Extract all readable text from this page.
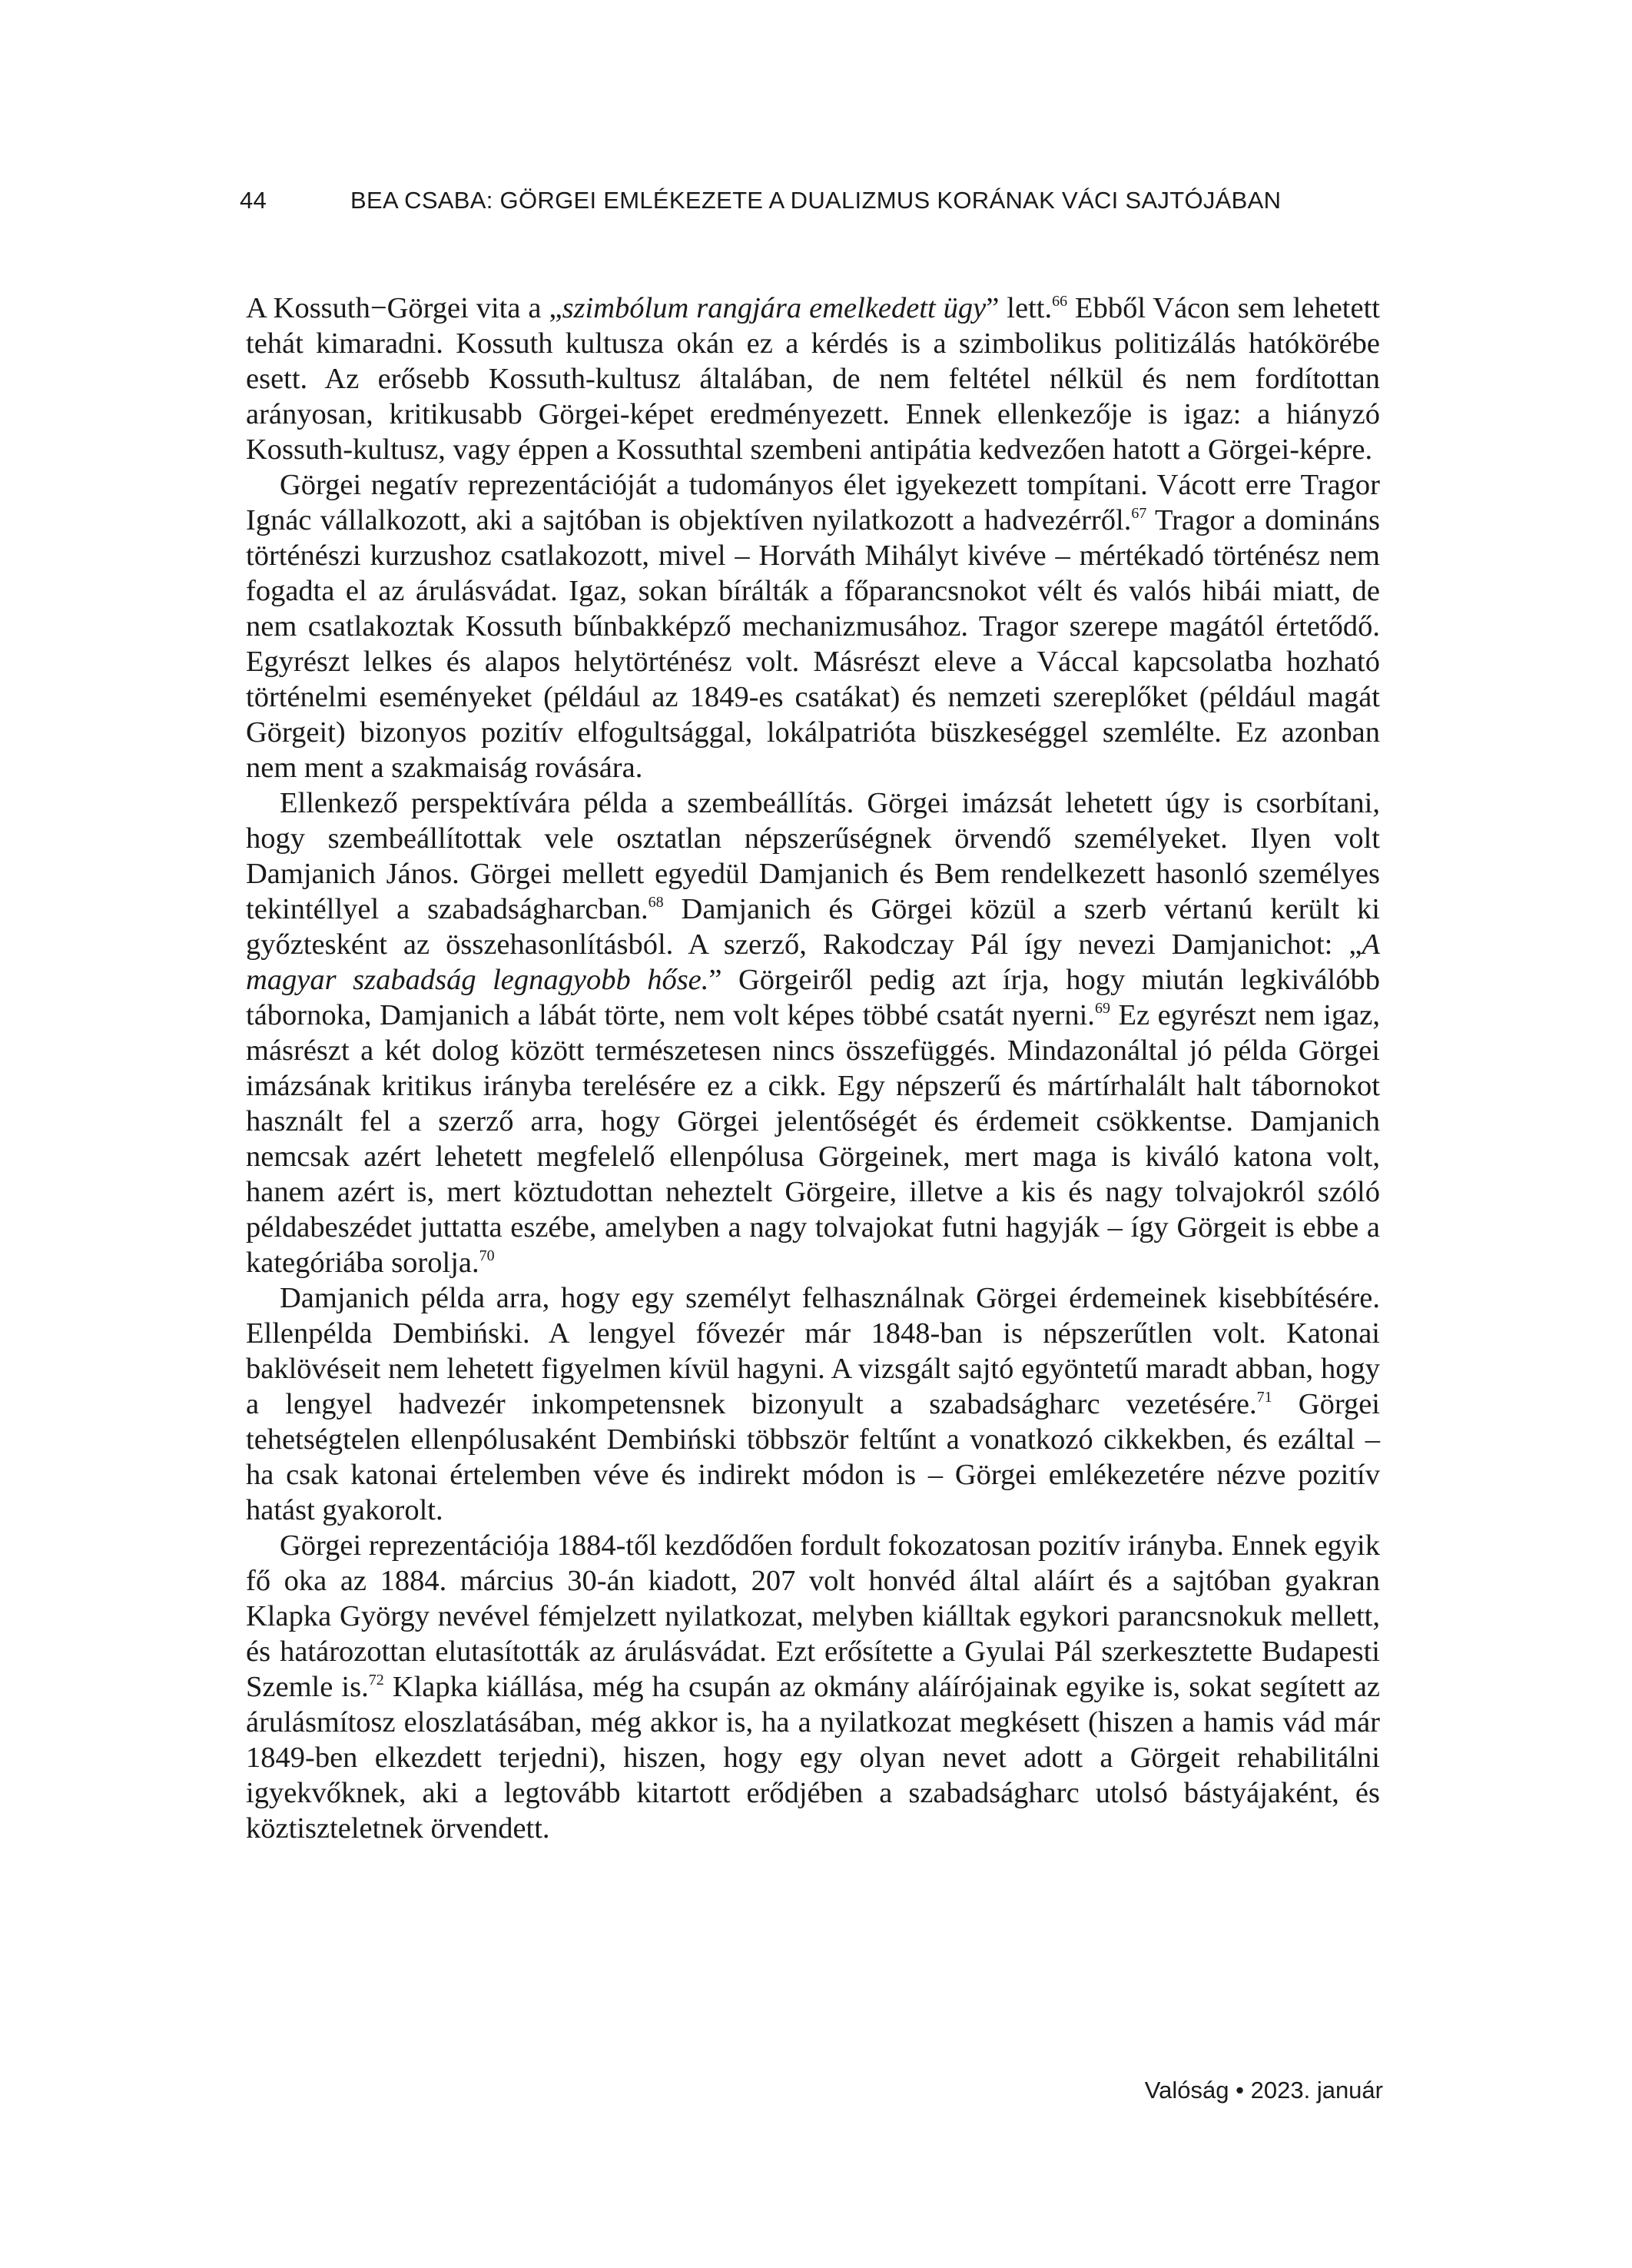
44	BEA CSABA: GÖRGEI EMLÉKEZETE A DUALIZMUS KORÁNAK VÁCI SAJTÓJÁBAN

A Kossuth−Görgei vita a „szimbólum rangjára emelkedett ügy” lett.$^{66}$ Ebből Vácon sem lehetett tehát kimaradni. Kossuth kultusza okán ez a kérdés is a szimbolikus politizálás hatókörébe esett. Az erősebb Kossuth-kultusz általában, de nem feltétel nélkül és nem fordítottan arányosan, kritikusabb Görgei-képet eredményezett. Ennek ellenkezője is igaz: a hiányzó Kossuth-kultusz, vagy éppen a Kossuthtal szembeni antipátia kedvezően hatott a Görgei-képre.

Görgei negatív reprezentációját a tudományos élet igyekezett tompítani. Vácott erre Tragor Ignác vállalkozott, aki a sajtóban is objektíven nyilatkozott a hadvezérről.$^{67}$ Tragor a domináns történészi kurzushoz csatlakozott, mivel – Horváth Mihályt kivéve – mértékadó történész nem fogadta el az árulásvádat. Igaz, sokan bírálták a főparancsnokot vélt és valós hibái miatt, de nem csatlakoztak Kossuth bűnbakképző mechanizmusához. Tragor szerepe magától értetődő. Egyrészt lelkes és alapos helytörténész volt. Másrészt eleve a Váccal kapcsolatba hozható történelmi eseményeket (például az 1849-es csatákat) és nemzeti szereplőket (például magát Görgeit) bizonyos pozitív elfogultsággal, lokálpatrióta büszkeséggel szemlélte. Ez azonban nem ment a szakmaiság rovására.

Ellenkező perspektívára példa a szembeállítás. Görgei imázsát lehetett úgy is csorbítani, hogy szembeállítottak vele osztatlan népszerűségnek örvendő személyeket. Ilyen volt Damjanich János. Görgei mellett egyedül Damjanich és Bem rendelkezett hasonló személyes tekintéllyel a szabadságharcban.$^{68}$ Damjanich és Görgei közül a szerb vértanú került ki győztesként az összehasonlításból. A szerző, Rakodczay Pál így nevezi Damjanichot: „A magyar szabadság legnagyobb hőse.” Görgeiről pedig azt írja, hogy miután legkiválóbb tábornoka, Damjanich a lábát törte, nem volt képes többé csatát nyerni.$^{69}$ Ez egyrészt nem igaz, másrészt a két dolog között természetesen nincs összefüggés. Mindazonáltal jó példa Görgei imázsának kritikus irányba terelésére ez a cikk. Egy népszerű és mártírhalált halt tábornokot használt fel a szerző arra, hogy Görgei jelentőségét és érdemeit csökkentse. Damjanich nemcsak azért lehetett megfelelő ellenpólusa Görgeinek, mert maga is kiváló katona volt, hanem azért is, mert köztudottan neheztelt Görgeire, illetve a kis és nagy tolvajokról szóló példabeszédet juttatta eszébe, amelyben a nagy tolvajokat futni hagyják – így Görgeit is ebbe a kategóriába sorolja.$^{70}$

Damjanich példa arra, hogy egy személyt felhasználnak Görgei érdemeinek kisebbítésére. Ellenpélda Dembiński. A lengyel fővezér már 1848-ban is népszerűtlen volt. Katonai baklövéseit nem lehetett figyelmen kívül hagyni. A vizsgált sajtó egyöntetű maradt abban, hogy a lengyel hadvezér inkompetensnek bizonyult a szabadságharc vezetésére.$^{71}$ Görgei tehetségtelen ellenpólusaként Dembiński többször feltűnt a vonatkozó cikkekben, és ezáltal – ha csak katonai értelemben véve és indirekt módon is – Görgei emlékezetére nézve pozitív hatást gyakorolt.

Görgei reprezentációja 1884-től kezdődően fordult fokozatosan pozitív irányba. Ennek egyik fő oka az 1884. március 30-án kiadott, 207 volt honvéd által aláírt és a sajtóban gyakran Klapka György nevével fémjelzett nyilatkozat, melyben kiálltak egykori parancsnokuk mellett, és határozottan elutasították az árulásvádat. Ezt erősítette a Gyulai Pál szerkesztette Budapesti Szemle is.$^{72}$ Klapka kiállása, még ha csupán az okmány aláírójainak egyike is, sokat segített az árulásmítosz eloszlatásában, még akkor is, ha a nyilatkozat megkésett (hiszen a hamis vád már 1849-ben elkezdett terjedni), hiszen, hogy egy olyan nevet adott a Görgeit rehabilitálni igyekvőknek, aki a legtovább kitartott erődjében a szabadságharc utolsó bástyájaként, és köztiszteletnek örvendett.

Valóság • 2023. január
